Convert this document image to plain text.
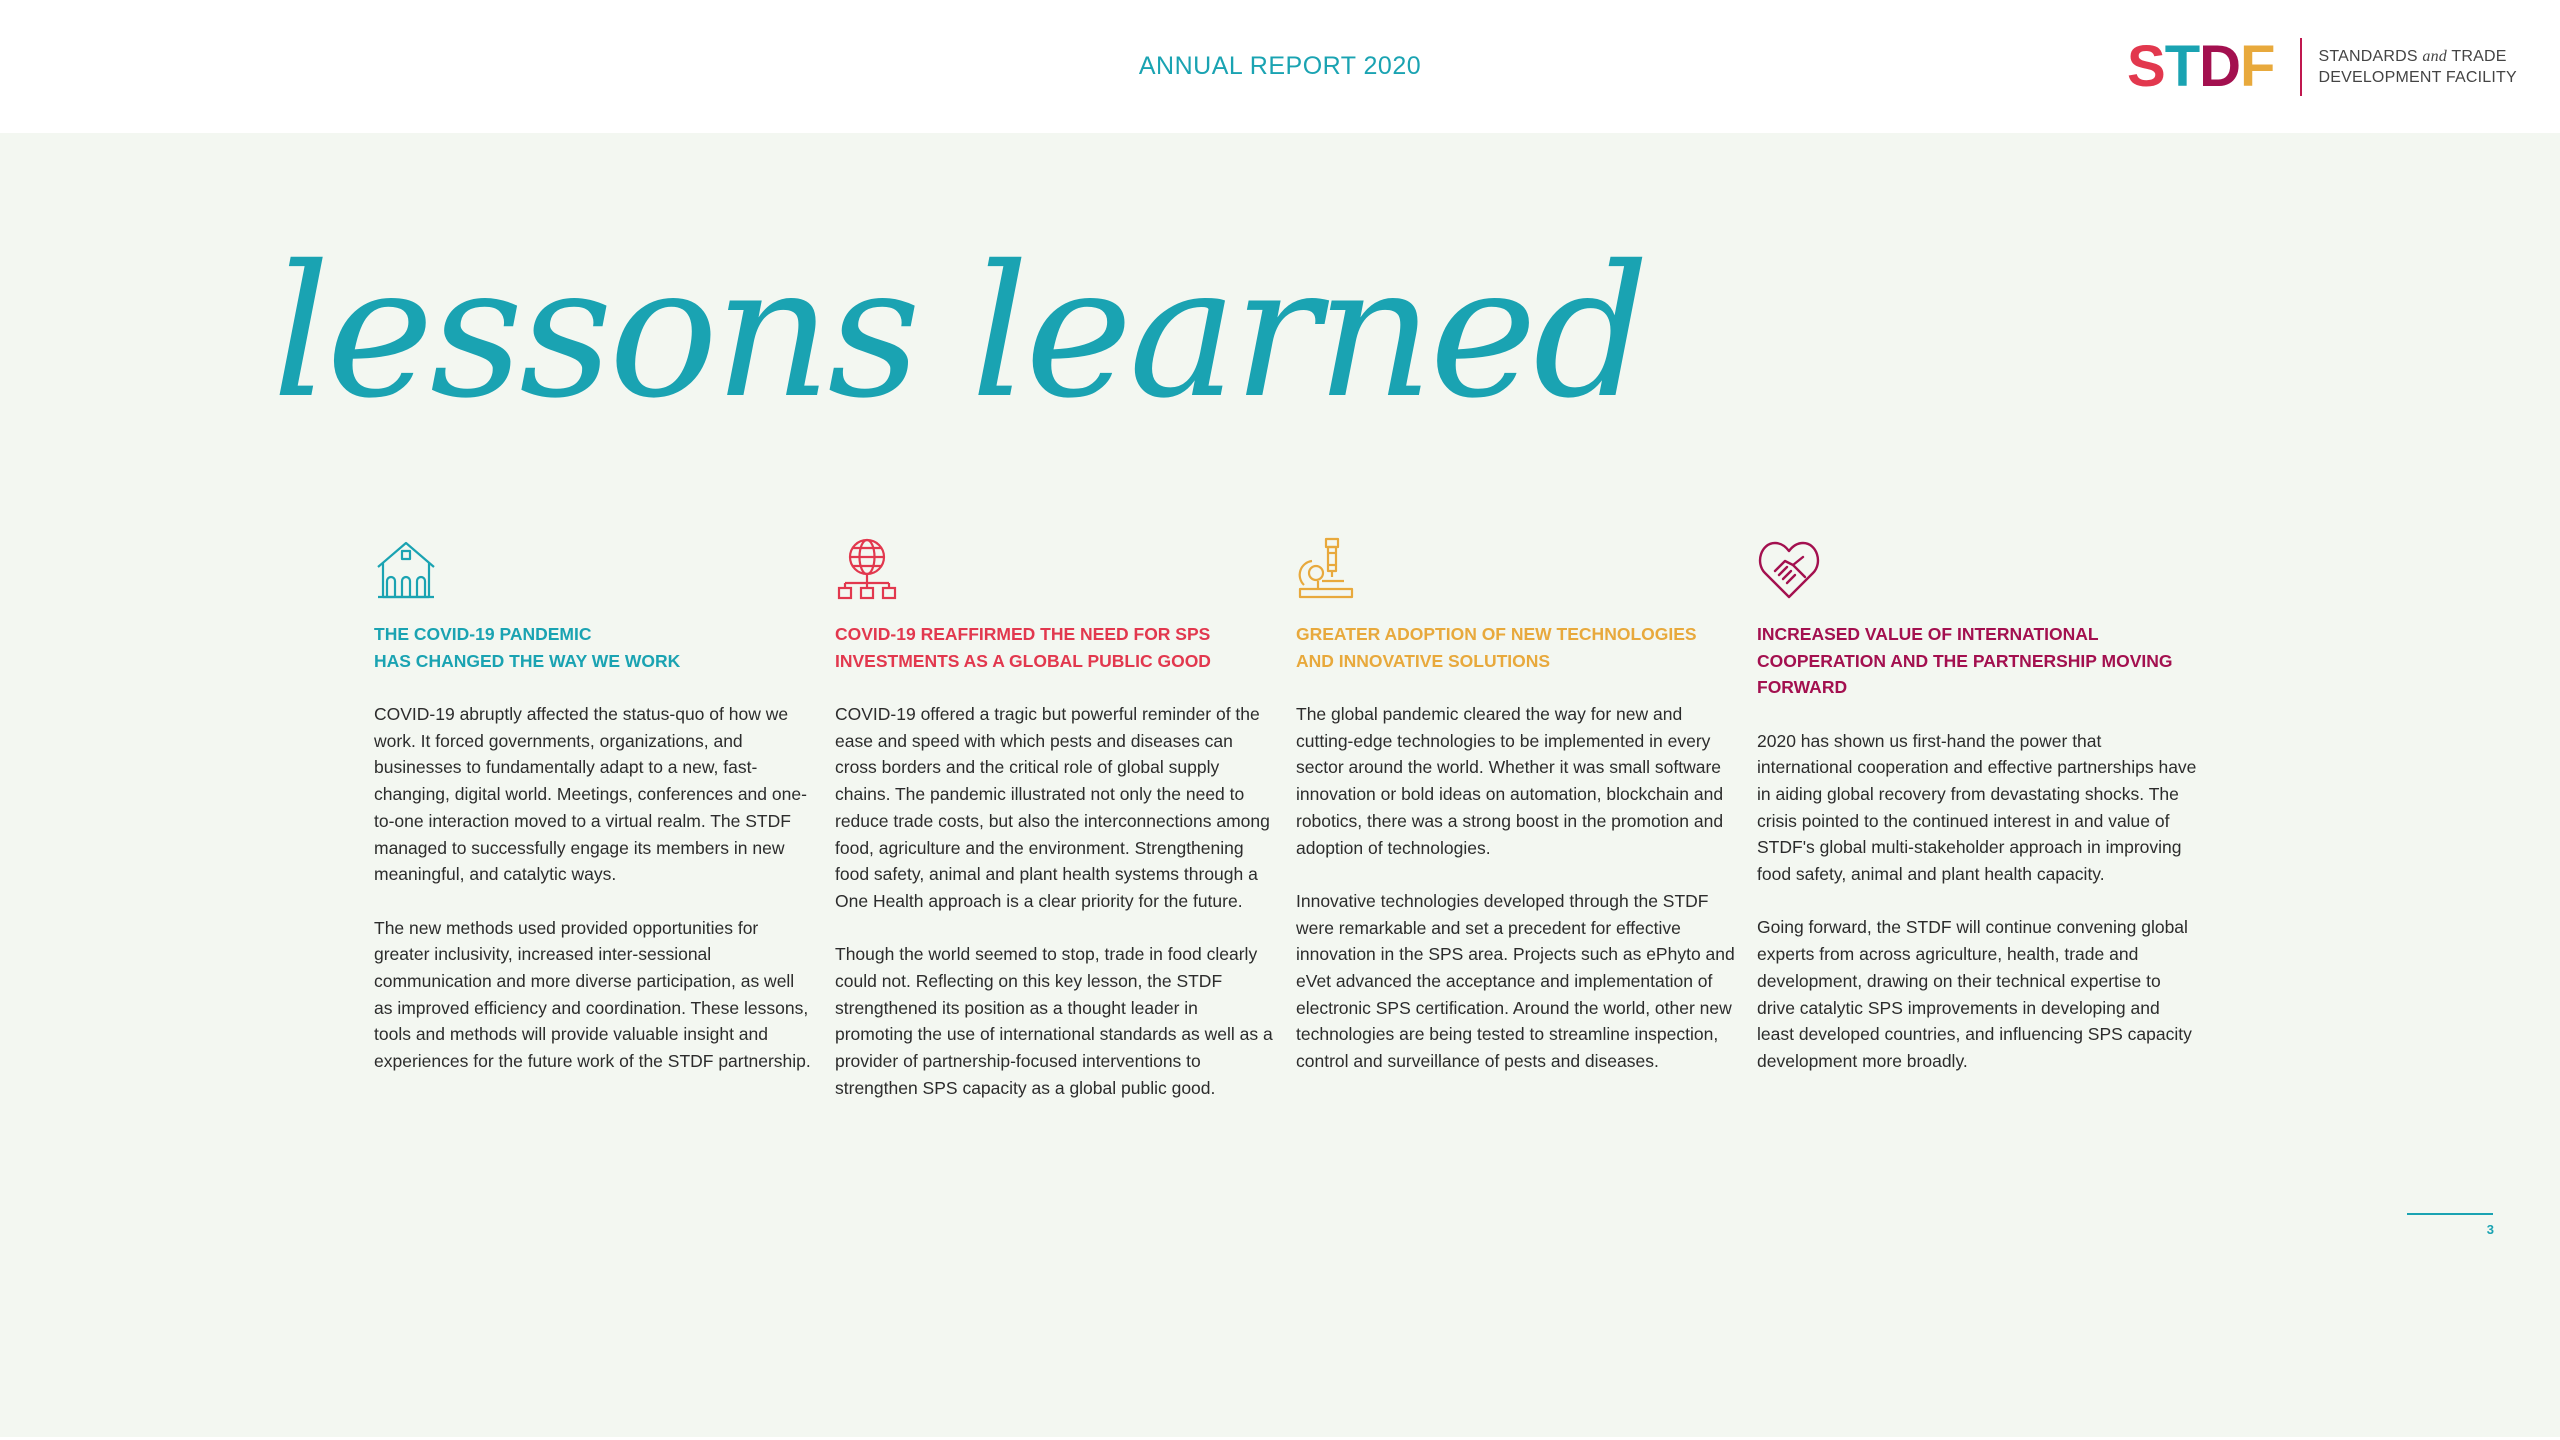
ANNUAL REPORT 2020	S T D F	STANDARDS and TRADE
DEVELOPMENT FACILITY
lessons learned
THE COVID-19 PANDEMIC
HAS CHANGED THE WAY WE WORK

COVID-19 abruptly affected the status-quo of how we work. It forced governments, organizations, and businesses to fundamentally adapt to a new, fast-changing, digital world. Meetings, conferences and one-to-one interaction moved to a virtual realm. The STDF managed to successfully engage its members in new meaningful, and catalytic ways.

The new methods used provided opportunities for greater inclusivity, increased inter-sessional communication and more diverse participation, as well as improved efficiency and coordination. These lessons, tools and methods will provide valuable insight and experiences for the future work of the STDF partnership.

COVID-19 REAFFIRMED THE NEED FOR SPS
INVESTMENTS AS A GLOBAL PUBLIC GOOD

COVID-19 offered a tragic but powerful reminder of the ease and speed with which pests and diseases can cross borders and the critical role of global supply chains. The pandemic illustrated not only the need to reduce trade costs, but also the interconnections among food, agriculture and the environment. Strengthening food safety, animal and plant health systems through a One Health approach is a clear priority for the future.

Though the world seemed to stop, trade in food clearly could not. Reflecting on this key lesson, the STDF strengthened its position as a thought leader in promoting the use of international standards as well as a provider of partnership-focused interventions to strengthen SPS capacity as a global public good.

GREATER ADOPTION OF NEW TECHNOLOGIES
AND INNOVATIVE SOLUTIONS

The global pandemic cleared the way for new and cutting-edge technologies to be implemented in every sector around the world. Whether it was small software innovation or bold ideas on automation, blockchain and robotics, there was a strong boost in the promotion and adoption of technologies.

Innovative technologies developed through the STDF were remarkable and set a precedent for effective innovation in the SPS area. Projects such as ePhyto and eVet advanced the acceptance and implementation of electronic SPS certification. Around the world, other new technologies are being tested to streamline inspection, control and surveillance of pests and diseases.

INCREASED VALUE OF INTERNATIONAL
COOPERATION AND THE PARTNERSHIP MOVING
FORWARD

2020 has shown us first-hand the power that international cooperation and effective partnerships have in aiding global recovery from devastating shocks. The crisis pointed to the continued interest in and value of STDF's global multi-stakeholder approach in improving food safety, animal and plant health capacity.

Going forward, the STDF will continue convening global experts from across agriculture, health, trade and development, drawing on their technical expertise to drive catalytic SPS improvements in developing and least developed countries, and influencing SPS capacity development more broadly.

3
